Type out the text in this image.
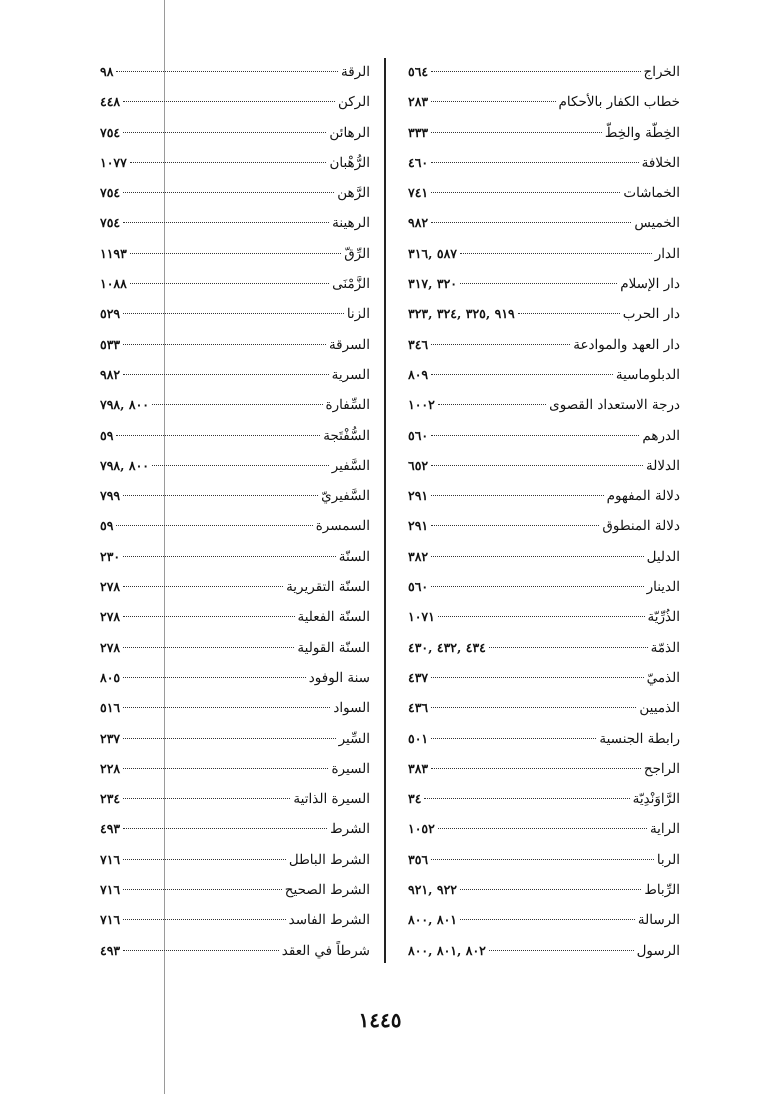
الخراج
٥٦٤
خطاب الكفار بالأحكام
٢٨٣
الخِطّة والخِطّ
٣٣٣
الخلافة
٤٦٠
الخماشات
٧٤١
الخميس
٩٨٢
الدار
٥٨٧ ,٣١٦
دار الإسلام
٣٢٠ ,٣١٧
دار الحرب
٩١٩ ,٣٢٥ ,٣٢٤ ,٣٢٣
دار العهد والموادعة
٣٤٦
الدبلوماسية
٨٠٩
درجة الاستعداد القصوى
١٠٠٢
الدرهم
٥٦٠
الدلالة
٦٥٢
دلالة المفهوم
٢٩١
دلالة المنطوق
٢٩١
الدليل
٣٨٢
الدينار
٥٦٠
الذُرِّيّة
١٠٧١
الذمّة
٤٣٤ ,٤٣٢ ,٤٣٠
الذميّ
٤٣٧
الذميين
٤٣٦
رابطة الجنسية
٥٠١
الراجح
٣٨٣
الرَّاوَنْدِيّة
٣٤
الراية
١٠٥٢
الربا
٣٥٦
الرِّباط
٩٢٢ ,٩٢١
الرسالة
٨٠١ ,٨٠٠
الرسول
٨٠٢ ,٨٠١ ,٨٠٠
الرقة
٩٨
الركن
٤٤٨
الرهائن
٧٥٤
الرُّهْبان
١٠٧٧
الرَّهن
٧٥٤
الرهينة
٧٥٤
الرِّقّ
١١٩٣
الزَّمْنَى
١٠٨٨
الزنا
٥٢٩
السرقة
٥٣٣
السرية
٩٨٢
السِّفارة
٨٠٠ ,٧٩٨
السُّفْتَجة
٥٩
السَّفير
٨٠٠ ,٧٩٨
السَّفيريّ
٧٩٩
السمسرة
٥٩
السنّة
٢٣٠
السنّة التقريرية
٢٧٨
السنّة الفعلية
٢٧٨
السنّة القولية
٢٧٨
سنة الوفود
٨٠٥
السواد
٥١٦
السِّير
٢٣٧
السيرة
٢٢٨
السيرة الذاتية
٢٣٤
الشرط
٤٩٣
الشرط الباطل
٧١٦
الشرط الصحيح
٧١٦
الشرط الفاسد
٧١٦
شرطاً في العقد
٤٩٣
١٤٤٥
